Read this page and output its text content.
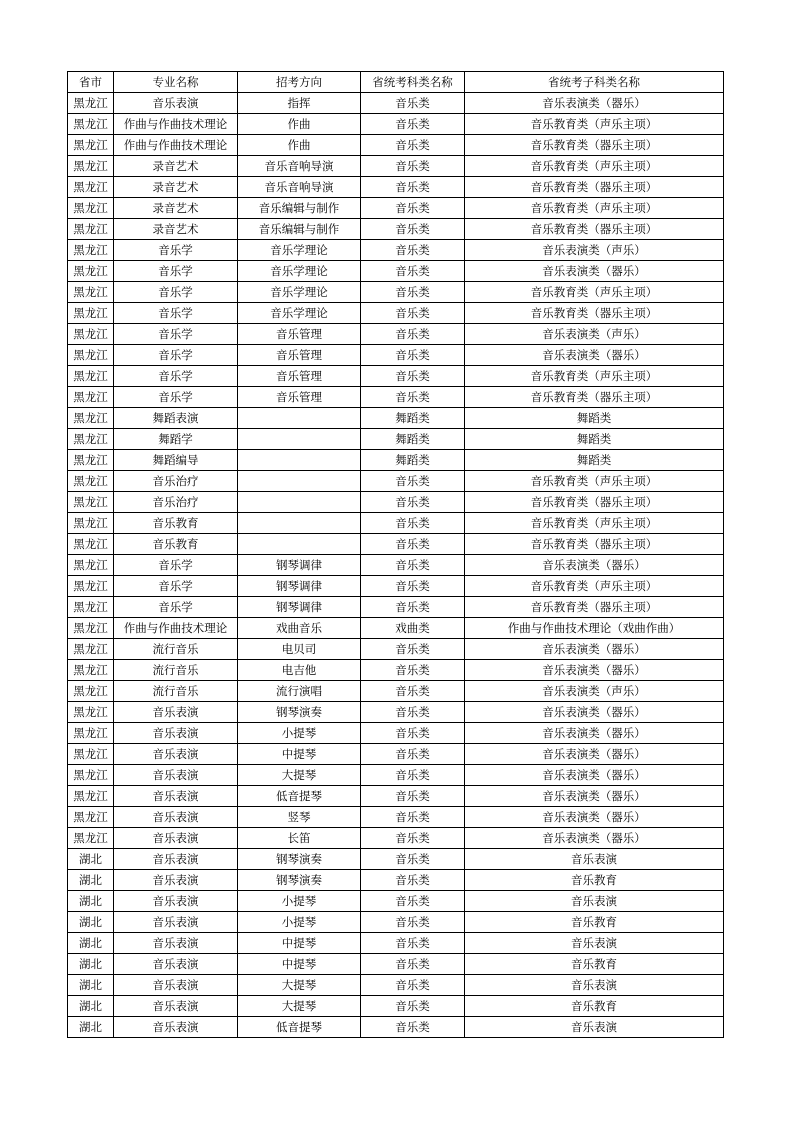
省市	专业名称	招考方向	省统考科类名称	省统考子科类名称
黑龙江	音乐表演	指挥	音乐类	音乐表演类（器乐）
黑龙江	作曲与作曲技术理论	作曲	音乐类	音乐教育类（声乐主项）
黑龙江	作曲与作曲技术理论	作曲	音乐类	音乐教育类（器乐主项）
黑龙江	录音艺术	音乐音响导演	音乐类	音乐教育类（声乐主项）
黑龙江	录音艺术	音乐音响导演	音乐类	音乐教育类（器乐主项）
黑龙江	录音艺术	音乐编辑与制作	音乐类	音乐教育类（声乐主项）
黑龙江	录音艺术	音乐编辑与制作	音乐类	音乐教育类（器乐主项）
黑龙江	音乐学	音乐学理论	音乐类	音乐表演类（声乐）
黑龙江	音乐学	音乐学理论	音乐类	音乐表演类（器乐）
黑龙江	音乐学	音乐学理论	音乐类	音乐教育类（声乐主项）
黑龙江	音乐学	音乐学理论	音乐类	音乐教育类（器乐主项）
黑龙江	音乐学	音乐管理	音乐类	音乐表演类（声乐）
黑龙江	音乐学	音乐管理	音乐类	音乐表演类（器乐）
黑龙江	音乐学	音乐管理	音乐类	音乐教育类（声乐主项）
黑龙江	音乐学	音乐管理	音乐类	音乐教育类（器乐主项）
黑龙江	舞蹈表演		舞蹈类	舞蹈类
黑龙江	舞蹈学		舞蹈类	舞蹈类
黑龙江	舞蹈编导		舞蹈类	舞蹈类
黑龙江	音乐治疗		音乐类	音乐教育类（声乐主项）
黑龙江	音乐治疗		音乐类	音乐教育类（器乐主项）
黑龙江	音乐教育		音乐类	音乐教育类（声乐主项）
黑龙江	音乐教育		音乐类	音乐教育类（器乐主项）
黑龙江	音乐学	钢琴调律	音乐类	音乐表演类（器乐）
黑龙江	音乐学	钢琴调律	音乐类	音乐教育类（声乐主项）
黑龙江	音乐学	钢琴调律	音乐类	音乐教育类（器乐主项）
黑龙江	作曲与作曲技术理论	戏曲音乐	戏曲类	作曲与作曲技术理论（戏曲作曲）
黑龙江	流行音乐	电贝司	音乐类	音乐表演类（器乐）
黑龙江	流行音乐	电吉他	音乐类	音乐表演类（器乐）
黑龙江	流行音乐	流行演唱	音乐类	音乐表演类（声乐）
黑龙江	音乐表演	钢琴演奏	音乐类	音乐表演类（器乐）
黑龙江	音乐表演	小提琴	音乐类	音乐表演类（器乐）
黑龙江	音乐表演	中提琴	音乐类	音乐表演类（器乐）
黑龙江	音乐表演	大提琴	音乐类	音乐表演类（器乐）
黑龙江	音乐表演	低音提琴	音乐类	音乐表演类（器乐）
黑龙江	音乐表演	竖琴	音乐类	音乐表演类（器乐）
黑龙江	音乐表演	长笛	音乐类	音乐表演类（器乐）
湖北	音乐表演	钢琴演奏	音乐类	音乐表演
湖北	音乐表演	钢琴演奏	音乐类	音乐教育
湖北	音乐表演	小提琴	音乐类	音乐表演
湖北	音乐表演	小提琴	音乐类	音乐教育
湖北	音乐表演	中提琴	音乐类	音乐表演
湖北	音乐表演	中提琴	音乐类	音乐教育
湖北	音乐表演	大提琴	音乐类	音乐表演
湖北	音乐表演	大提琴	音乐类	音乐教育
湖北	音乐表演	低音提琴	音乐类	音乐表演
